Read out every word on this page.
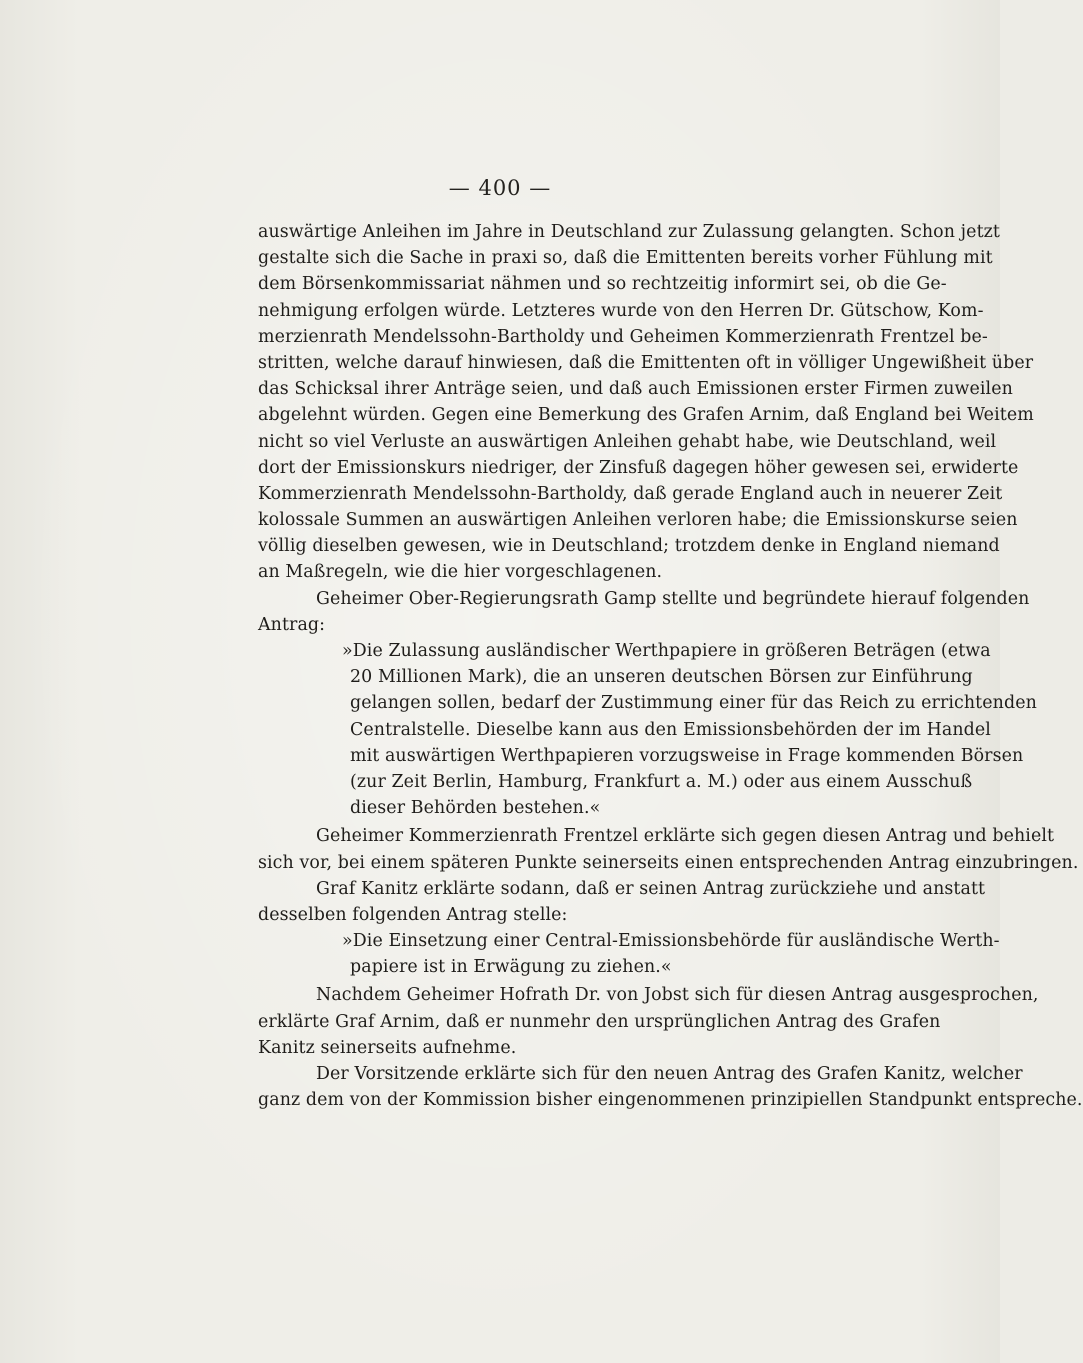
— 400 —
auswärtige Anleihen im Jahre in Deutschland zur Zulassung gelangten. Schon jetzt
gestalte sich die Sache in praxi so, daß die Emittenten bereits vorher Fühlung mit
dem Börsenkommissariat nähmen und so rechtzeitig informirt sei, ob die Ge-
nehmigung erfolgen würde. Letzteres wurde von den Herren Dr. Gütschow, Kom-
merzienrath Mendelssohn-Bartholdy und Geheimen Kommerzienrath Frentzel be-
stritten, welche darauf hinwiesen, daß die Emittenten oft in völliger Ungewißheit über
das Schicksal ihrer Anträge seien, und daß auch Emissionen erster Firmen zuweilen
abgelehnt würden. Gegen eine Bemerkung des Grafen Arnim, daß England bei Weitem
nicht so viel Verluste an auswärtigen Anleihen gehabt habe, wie Deutschland, weil
dort der Emissionskurs niedriger, der Zinsfuß dagegen höher gewesen sei, erwiderte
Kommerzienrath Mendelssohn-Bartholdy, daß gerade England auch in neuerer Zeit
kolossale Summen an auswärtigen Anleihen verloren habe; die Emissionskurse seien
völlig dieselben gewesen, wie in Deutschland; trotzdem denke in England niemand
an Maßregeln, wie die hier vorgeschlagenen.
Geheimer Ober-Regierungsrath Gamp stellte und begründete hierauf folgenden
Antrag:
»Die Zulassung ausländischer Werthpapiere in größeren Beträgen (etwa
20 Millionen Mark), die an unseren deutschen Börsen zur Einführung
gelangen sollen, bedarf der Zustimmung einer für das Reich zu errichtenden
Centralstelle. Dieselbe kann aus den Emissionsbehörden der im Handel
mit auswärtigen Werthpapieren vorzugsweise in Frage kommenden Börsen
(zur Zeit Berlin, Hamburg, Frankfurt a. M.) oder aus einem Ausschuß
dieser Behörden bestehen.«
Geheimer Kommerzienrath Frentzel erklärte sich gegen diesen Antrag und behielt
sich vor, bei einem späteren Punkte seinerseits einen entsprechenden Antrag einzubringen.
Graf Kanitz erklärte sodann, daß er seinen Antrag zurückziehe und anstatt
desselben folgenden Antrag stelle:
»Die Einsetzung einer Central-Emissionsbehörde für ausländische Werth-
papiere ist in Erwägung zu ziehen.«
Nachdem Geheimer Hofrath Dr. von Jobst sich für diesen Antrag ausgesprochen,
erklärte Graf Arnim, daß er nunmehr den ursprünglichen Antrag des Grafen
Kanitz seinerseits aufnehme.
Der Vorsitzende erklärte sich für den neuen Antrag des Grafen Kanitz, welcher
ganz dem von der Kommission bisher eingenommenen prinzipiellen Standpunkt entspreche.
